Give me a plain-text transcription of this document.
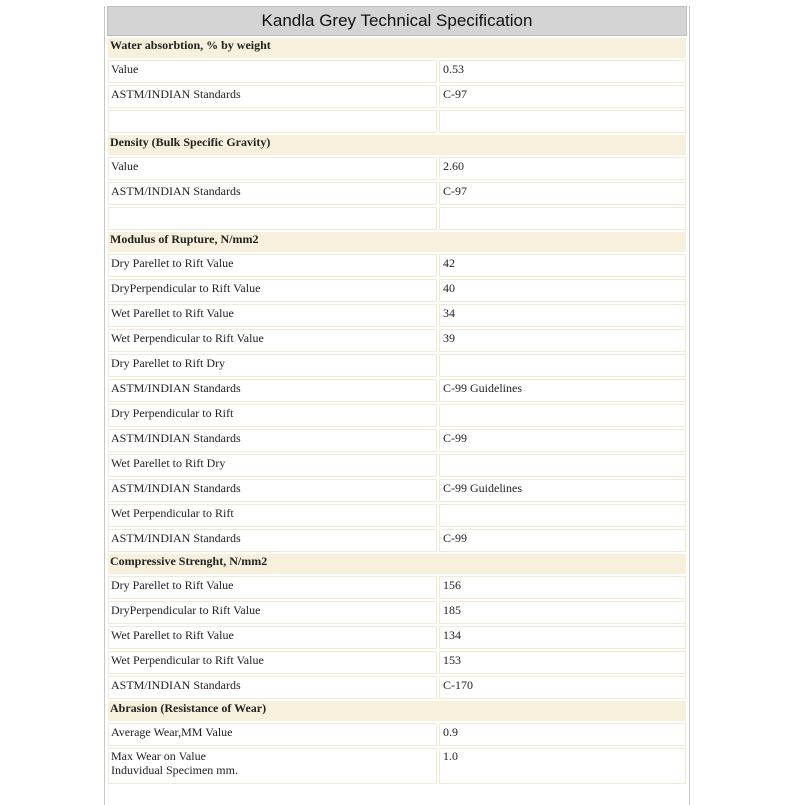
Kandla Grey Technical Specification
Water absorbtion, % by weight	
Value	0.53
ASTM/INDIAN Standards	C-97

Density (Bulk Specific Gravity)	
Value	2.60
ASTM/INDIAN Standards	C-97

Modulus of Rupture, N/mm2	
Dry Parellet to Rift Value	42
DryPerpendicular to Rift Value	40
Wet Parellet to Rift Value	34
Wet Perpendicular to Rift Value	39
Dry Parellet to Rift Dry	
ASTM/INDIAN Standards	C-99 Guidelines
Dry Perpendicular to Rift	
ASTM/INDIAN Standards	C-99
Wet Parellet to Rift Dry	
ASTM/INDIAN Standards	C-99 Guidelines
Wet Perpendicular to Rift	
ASTM/INDIAN Standards	C-99
Compressive Strenght, N/mm2	
Dry Parellet to Rift Value	156
DryPerpendicular to Rift Value	185
Wet Parellet to Rift Value	134
Wet Perpendicular to Rift Value	153
ASTM/INDIAN Standards	C-170
Abrasion (Resistance of Wear)	
Average Wear,MM Value	0.9

Max Wear on Value
Induvidual Specimen mm.	1.0
